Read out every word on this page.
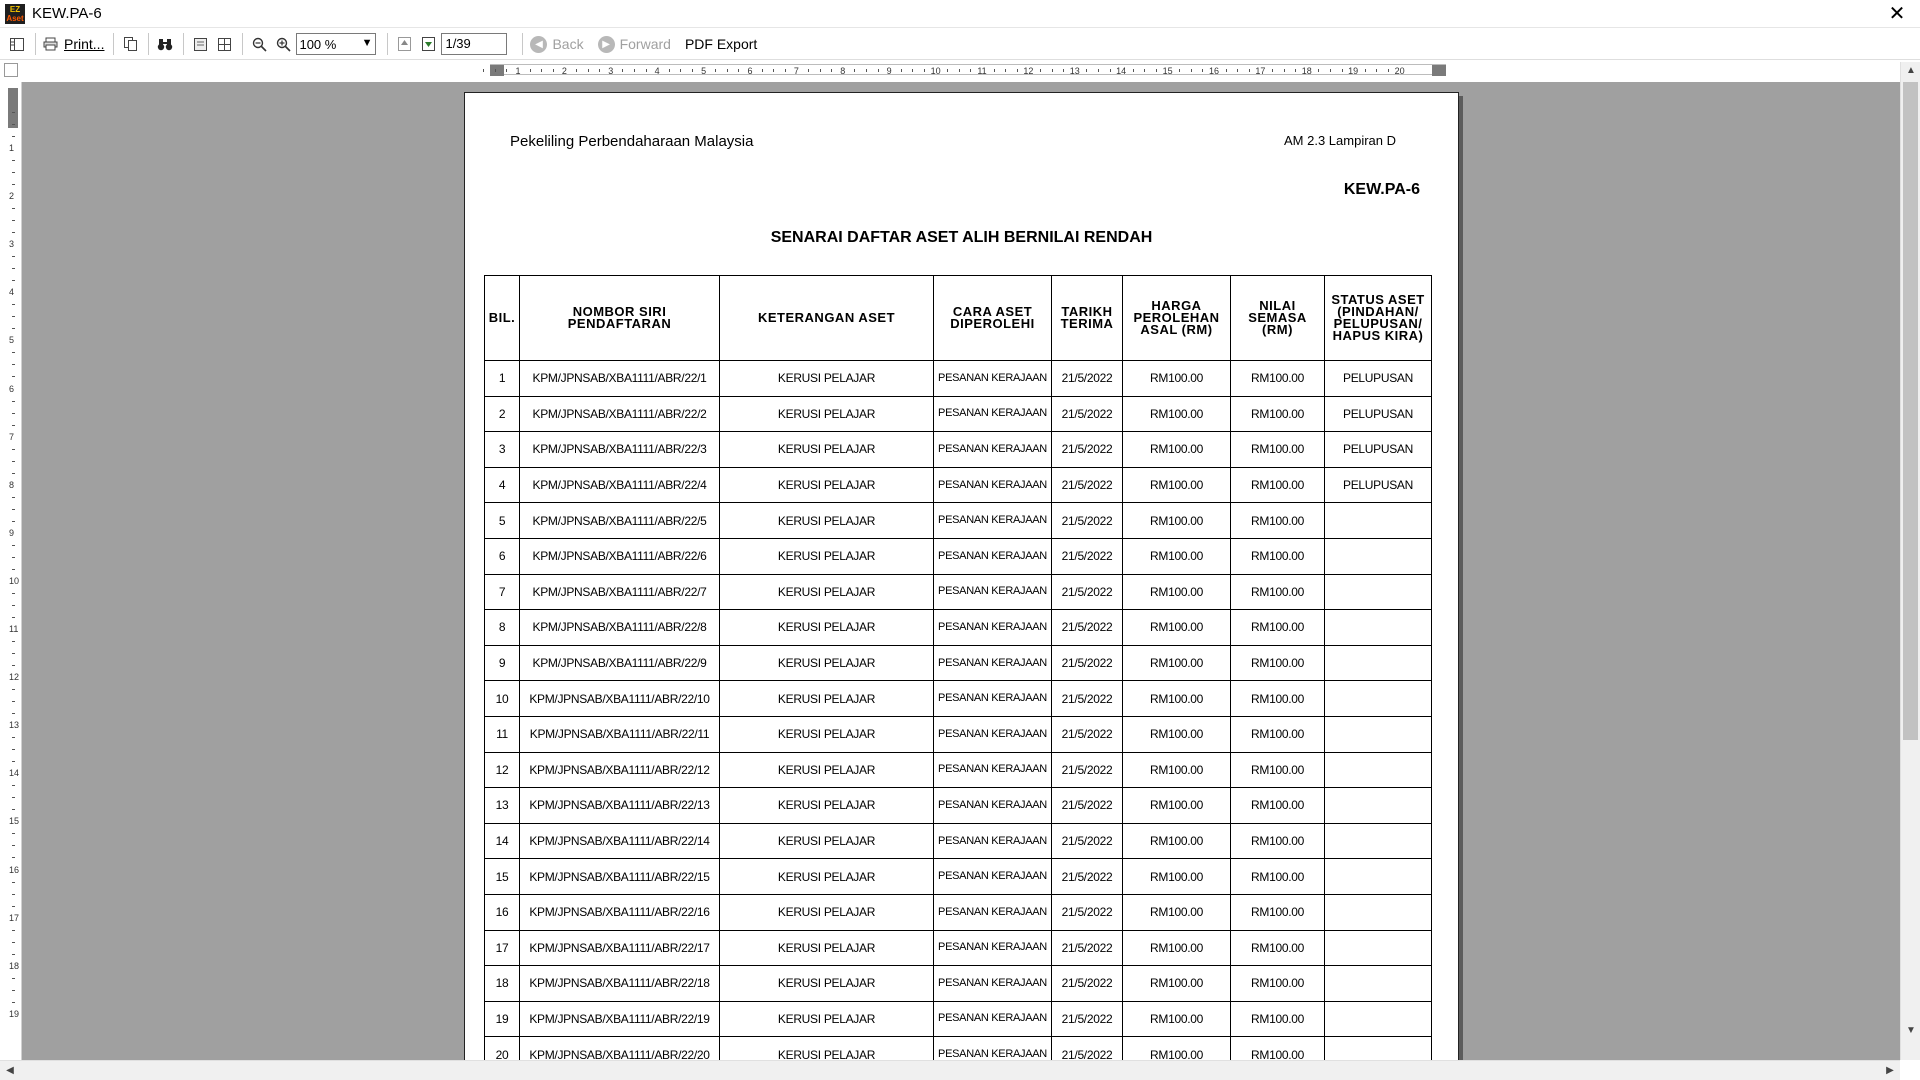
EZ
Aset KEW.PA-6	✕
Print...	100 % ▼	1/39	◀ Back	▶ Forward PDF Export
1	2	3	4	5	6	7	8	9	10	11	12	13	14	15	16	17	18	19	20
1
2
3
4
5
6
7
8
9
10
11
12
13
14
15
16
17
18
19
Pekeliling Perbendaharaan Malaysia	AM 2.3 Lampiran D
KEW.PA-6
SENARAI DAFTAR ASET ALIH BERNILAI RENDAH
BIL.	NOMBOR SIRI PENDAFTARAN	KETERANGAN ASET	CARA ASET DIPEROLEHI	TARIKH TERIMA	HARGA PEROLEHAN ASAL (RM)	NILAI SEMASA (RM)	STATUS ASET (PINDAHAN/ PELUPUSAN/ HAPUS KIRA)
1	KPM/JPNSAB/XBA1111/ABR/22/1	KERUSI PELAJAR	PESANAN KERAJAAN	21/5/2022	RM100.00	RM100.00	PELUPUSAN
2	KPM/JPNSAB/XBA1111/ABR/22/2	KERUSI PELAJAR	PESANAN KERAJAAN	21/5/2022	RM100.00	RM100.00	PELUPUSAN
3	KPM/JPNSAB/XBA1111/ABR/22/3	KERUSI PELAJAR	PESANAN KERAJAAN	21/5/2022	RM100.00	RM100.00	PELUPUSAN
4	KPM/JPNSAB/XBA1111/ABR/22/4	KERUSI PELAJAR	PESANAN KERAJAAN	21/5/2022	RM100.00	RM100.00	PELUPUSAN
5	KPM/JPNSAB/XBA1111/ABR/22/5	KERUSI PELAJAR	PESANAN KERAJAAN	21/5/2022	RM100.00	RM100.00	
6	KPM/JPNSAB/XBA1111/ABR/22/6	KERUSI PELAJAR	PESANAN KERAJAAN	21/5/2022	RM100.00	RM100.00	
7	KPM/JPNSAB/XBA1111/ABR/22/7	KERUSI PELAJAR	PESANAN KERAJAAN	21/5/2022	RM100.00	RM100.00	
8	KPM/JPNSAB/XBA1111/ABR/22/8	KERUSI PELAJAR	PESANAN KERAJAAN	21/5/2022	RM100.00	RM100.00	
9	KPM/JPNSAB/XBA1111/ABR/22/9	KERUSI PELAJAR	PESANAN KERAJAAN	21/5/2022	RM100.00	RM100.00	
10	KPM/JPNSAB/XBA1111/ABR/22/10	KERUSI PELAJAR	PESANAN KERAJAAN	21/5/2022	RM100.00	RM100.00	
11	KPM/JPNSAB/XBA1111/ABR/22/11	KERUSI PELAJAR	PESANAN KERAJAAN	21/5/2022	RM100.00	RM100.00	
12	KPM/JPNSAB/XBA1111/ABR/22/12	KERUSI PELAJAR	PESANAN KERAJAAN	21/5/2022	RM100.00	RM100.00	
13	KPM/JPNSAB/XBA1111/ABR/22/13	KERUSI PELAJAR	PESANAN KERAJAAN	21/5/2022	RM100.00	RM100.00	
14	KPM/JPNSAB/XBA1111/ABR/22/14	KERUSI PELAJAR	PESANAN KERAJAAN	21/5/2022	RM100.00	RM100.00	
15	KPM/JPNSAB/XBA1111/ABR/22/15	KERUSI PELAJAR	PESANAN KERAJAAN	21/5/2022	RM100.00	RM100.00	
16	KPM/JPNSAB/XBA1111/ABR/22/16	KERUSI PELAJAR	PESANAN KERAJAAN	21/5/2022	RM100.00	RM100.00	
17	KPM/JPNSAB/XBA1111/ABR/22/17	KERUSI PELAJAR	PESANAN KERAJAAN	21/5/2022	RM100.00	RM100.00	
18	KPM/JPNSAB/XBA1111/ABR/22/18	KERUSI PELAJAR	PESANAN KERAJAAN	21/5/2022	RM100.00	RM100.00	
19	KPM/JPNSAB/XBA1111/ABR/22/19	KERUSI PELAJAR	PESANAN KERAJAAN	21/5/2022	RM100.00	RM100.00	
20	KPM/JPNSAB/XBA1111/ABR/22/20	KERUSI PELAJAR	PESANAN KERAJAAN	21/5/2022	RM100.00	RM100.00	
▲
▼
◀	▶
